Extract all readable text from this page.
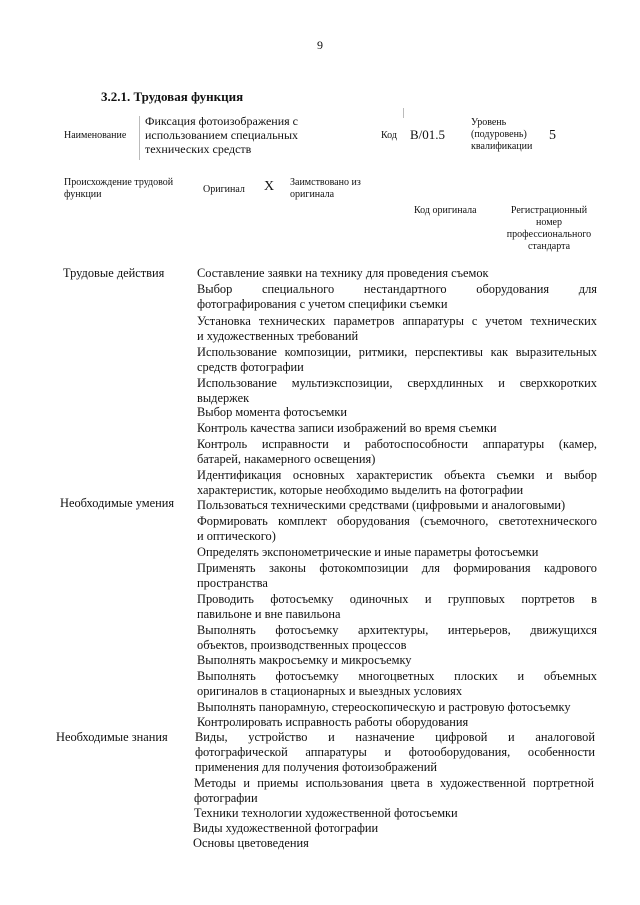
9
3.2.1. Трудовая функция
Наименование
Фиксация фотоизображения с
использованием специальных
технических средств
Код B/01.5
Уровень
(подуровень)
квалификации
5
Происхождение трудовой
функции	Оригинал X Заимствовано из
оригинала
Код оригинала	Регистрационный
номер
профессионального
стандарта
Трудовые действия
Необходимые умения
Необходимые знания
Составление заявки на технику для проведения съемок
Выбор специального нестандартного оборудования для
фотографирования с учетом специфики съемки
Установка технических параметров аппаратуры с учетом технических
и художественных требований
Использование композиции, ритмики, перспективы как выразительных
средств фотографии
Использование мультиэкспозиции, сверхдлинных и сверхкоротких
выдержек
Выбор момента фотосъемки
Контроль качества записи изображений во время съемки
Контроль исправности и работоспособности аппаратуры (камер,
батарей, накамерного освещения)
Идентификация основных характеристик объекта съемки и выбор
характеристик, которые необходимо выделить на фотографии
Пользоваться техническими средствами (цифровыми и аналоговыми)
Формировать комплект оборудования (съемочного, светотехнического
и оптического)
Определять экспонометрические и иные параметры фотосъемки
Применять законы фотокомпозиции для формирования кадрового
пространства
Проводить фотосъемку одиночных и групповых портретов в
павильоне и вне павильона
Выполнять фотосъемку архитектуры, интерьеров, движущихся
объектов, производственных процессов
Выполнять макросъемку и микросъемку
Выполнять фотосъемку многоцветных плоских и объемных
оригиналов в стационарных и выездных условиях
Выполнять панорамную, стереоскопическую и растровую фотосъемку
Контролировать исправность работы оборудования
Виды, устройство и назначение цифровой и аналоговой
фотографической аппаратуры и фотооборудования, особенности
применения для получения фотоизображений
Методы и приемы использования цвета в художественной портретной
фотографии
Техники технологии художественной фотосъемки
Виды художественной фотографии
Основы цветоведения
